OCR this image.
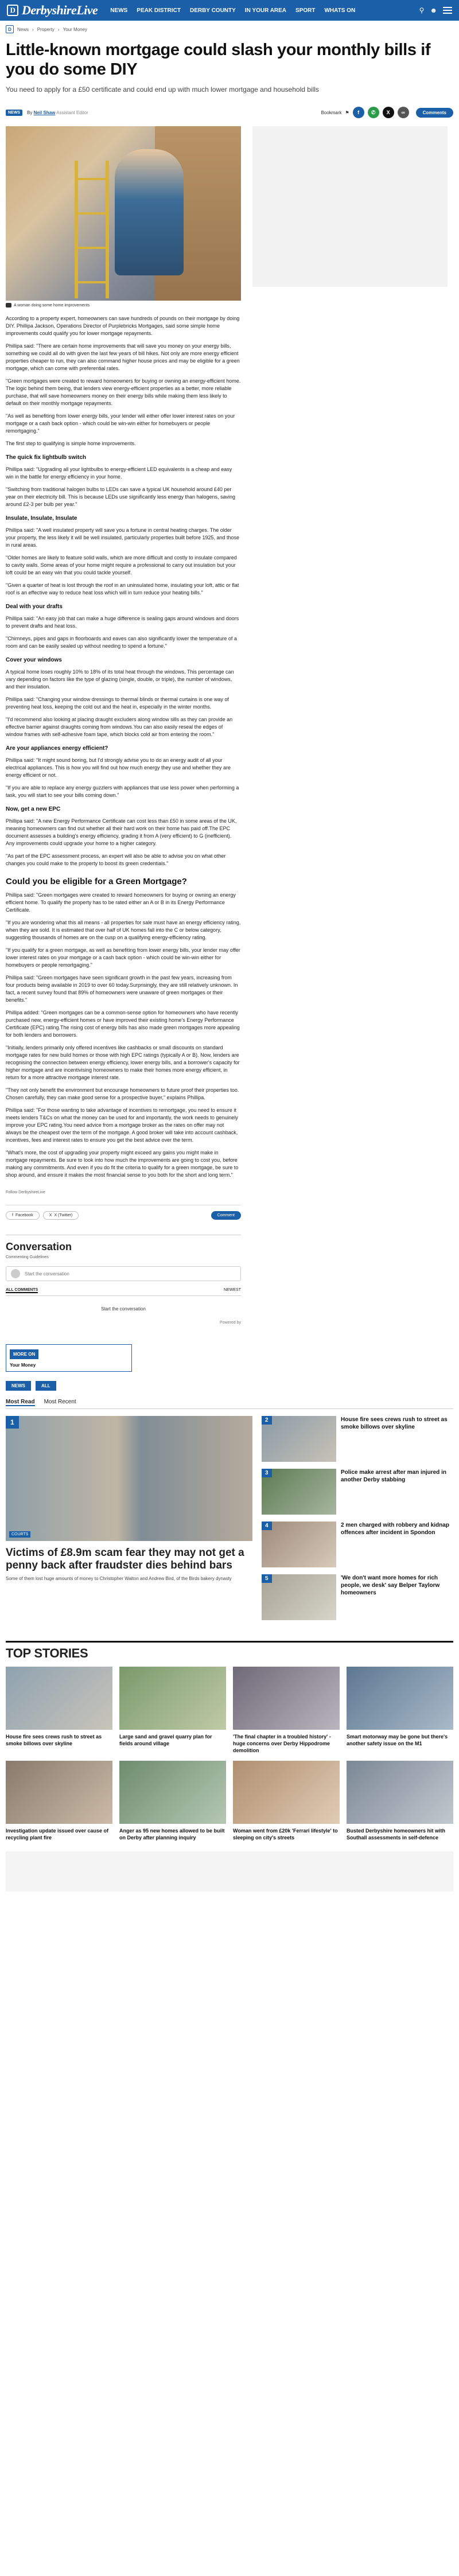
D DerbyshireLive NEWS PEAK DISTRICT DERBY COUNTY IN YOUR AREA SPORT WHATS ON	⚲ ☻
D	News › Property › Your Money
Little-known mortgage could slash your monthly bills if you do some DIY

You need to apply for a £50 certificate and could end up with much lower mortgage and household bills

NEWS	By Neil Shaw Assistant Editor	Bookmark ⚑	f	✆	X	∞	Comments
A woman doing some home improvements

According to a property expert, homeowners can save hundreds of pounds on their mortgage by doing DIY. Phillipa Jackson, Operations Director of Purplebricks Mortgages, said some simple home improvements could qualify you for lower mortgage repayments.

Phillipa said: "There are certain home improvements that will save you money on your energy bills, something we could all do with given the last few years of bill hikes. Not only are more energy efficient properties cheaper to run, they can also command higher house prices and may be eligible for a green mortgage, which can come with preferential rates.

"Green mortgages were created to reward homeowners for buying or owning an energy-efficient home. The logic behind them being, that lenders view energy-efficient properties as a better, more reliable purchase, that will save homeowners money on their energy bills while making them less likely to default on their monthly mortgage repayments.

"As well as benefiting from lower energy bills, your lender will either offer lower interest rates on your mortgage or a cash back option - which could be win-win either for homebuyers or people remortgaging."

The first step to qualifying is simple home improvements.

The quick fix lightbulb switch

Phillipa said: "Upgrading all your lightbulbs to energy-efficient LED equivalents is a cheap and easy win in the battle for energy efficiency in your home.

"Switching from traditional halogen bulbs to LEDs can save a typical UK household around £40 per year on their electricity bill. This is because LEDs use significantly less energy than halogens, saving around £2-3 per bulb per year."

Insulate, Insulate, Insulate

Phillipa said: "A well insulated property will save you a fortune in central heating charges. The older your property, the less likely it will be well insulated, particularly properties built before 1925, and those in rural areas.

"Older homes are likely to feature solid walls, which are more difficult and costly to insulate compared to cavity walls. Some areas of your home might require a professional to carry out insulation but your loft could be an easy win that you could tackle yourself.

"Given a quarter of heat is lost through the roof in an uninsulated home, insulating your loft, attic or flat roof is an effective way to reduce heat loss which will in turn reduce your heating bills."

Deal with your drafts

Phillipa said: "An easy job that can make a huge difference is sealing gaps around windows and doors to prevent drafts and heat loss.

"Chimneys, pipes and gaps in floorboards and eaves can also significantly lower the temperature of a room and can be easily sealed up without needing to spend a fortune."

Cover your windows

A typical home loses roughly 10% to 18% of its total heat through the windows. This percentage can vary depending on factors like the type of glazing (single, double, or triple), the number of windows, and their insulation.

Phillipa said: "Changing your window dressings to thermal blinds or thermal curtains is one way of preventing heat loss, keeping the cold out and the heat in, especially in the winter months.

"I'd recommend also looking at placing draught excluders along window sills as they can provide an effective barrier against draughts coming from windows.You can also easily reseal the edges of window frames with self-adhesive foam tape, which blocks cold air from entering the room."

Are your appliances energy efficient?

Phillipa said: "It might sound boring, but I'd strongly advise you to do an energy audit of all your electrical appliances. This is how you will find out how much energy they use and whether they are energy efficient or not.

"If you are able to replace any energy guzzlers with appliances that use less power when performing a task, you will start to see your bills coming down."

Now, get a new EPC

Phillipa said: "A new Energy Performance Certificate can cost less than £50 in some areas of the UK, meaning homeowners can find out whether all their hard work on their home has paid off.The EPC document assesses a building's energy efficiency, grading it from A (very efficient) to G (inefficient). Any improvements could upgrade your home to a higher category.

"As part of the EPC assessment process, an expert will also be able to advise you on what other changes you could make to the property to boost its green credentials."

Could you be eligible for a Green Mortgage?

Phillipa said: "Green mortgages were created to reward homeowners for buying or owning an energy efficient home. To qualify the property has to be rated either an A or B in its Energy Performance Certificate.

"If you are wondering what this all means - all properties for sale must have an energy efficiency rating, when they are sold. It is estimated that over half of UK homes fall into the C or below category, suggesting thousands of homes are on the cusp on a qualifying energy-efficiency rating.

"If you qualify for a green mortgage, as well as benefiting from lower energy bills, your lender may offer lower interest rates on your mortgage or a cash back option - which could be win-win either for homebuyers or people remortgaging."

Phillipa said: "Green mortgages have seen significant growth in the past few years, increasing from four products being available in 2019 to over 60 today.Surprisingly, they are still relatively unknown. In fact, a recent survey found that 89% of homeowners were unaware of green mortgages or their benefits."

Phillipa added: "Green mortgages can be a common-sense option for homeowners who have recently purchased new, energy-efficient homes or have improved their existing home's Energy Performance Certificate (EPC) rating.The rising cost of energy bills has also made green mortgages more appealing for both lenders and borrowers.

"Initially, lenders primarily only offered incentives like cashbacks or small discounts on standard mortgage rates for new build homes or those with high EPC ratings (typically A or B). Now, lenders are recognising the connection between energy efficiency, lower energy bills, and a borrower's capacity for higher mortgage and are incentivising homeowners to make their homes more energy efficient, in return for a more attractive mortgage interest rate.

"They not only benefit the environment but encourage homeowners to future proof their properties too. Chosen carefully, they can make good sense for a prospective buyer," explains Phillipa.

Phillipa said: "For those wanting to take advantage of incentives to remortgage, you need to ensure it meets lenders T&Cs on what the money can be used for and importantly, the work needs to genuinely improve your EPC rating.You need advice from a mortgage broker as the rates on offer may not always be the cheapest over the term of the mortgage. A good broker will take into account cashback, incentives, fees and interest rates to ensure you get the best advice over the term.

"What's more, the cost of upgrading your property might exceed any gains you might make in mortgage repayments. Be sure to look into how much the improvements are going to cost you, before making any commitments. And even if you do fit the criteria to qualify for a green mortgage, be sure to shop around, and ensure it makes the most financial sense to you both for the short and long term."

Follow DerbyshireLive
f Facebook	X X (Twitter)	Comment
Conversation
Commenting Guidelines
Start the conversation
ALL COMMENTS	NEWEST
Start the conversation
Powered by
MORE ON
Your Money
NEWS	ALL
Most Read Most Recent
1
COURTS
Victims of £8.9m scam fear they may not get a penny back after fraudster dies behind bars

Some of them lost huge amounts of money to Christopher Walton and Andrew Bird, of the Birds bakery dynasty

2	House fire sees crews rush to street as smoke billows over skyline
3	Police make arrest after man injured in another Derby stabbing
4	2 men charged with robbery and kidnap offences after incident in Spondon
5	'We don't want more homes for rich people, we desk' say Belper Taylorw homeowners
TOP STORIES
House fire sees crews rush to street as smoke billows over skyline
Large sand and gravel quarry plan for fields around village
'The final chapter in a troubled history' - huge concerns over Derby Hippodrome demolition
Smart motorway may be gone but there's another safety issue on the M1
Investigation update issued over cause of recycling plant fire
Anger as 95 new homes allowed to be built on Derby after planning inquiry
Woman went from £20k 'Ferrari lifestyle' to sleeping on city's streets
Busted Derbyshire homeowners hit with Southall assessments in self-defence
